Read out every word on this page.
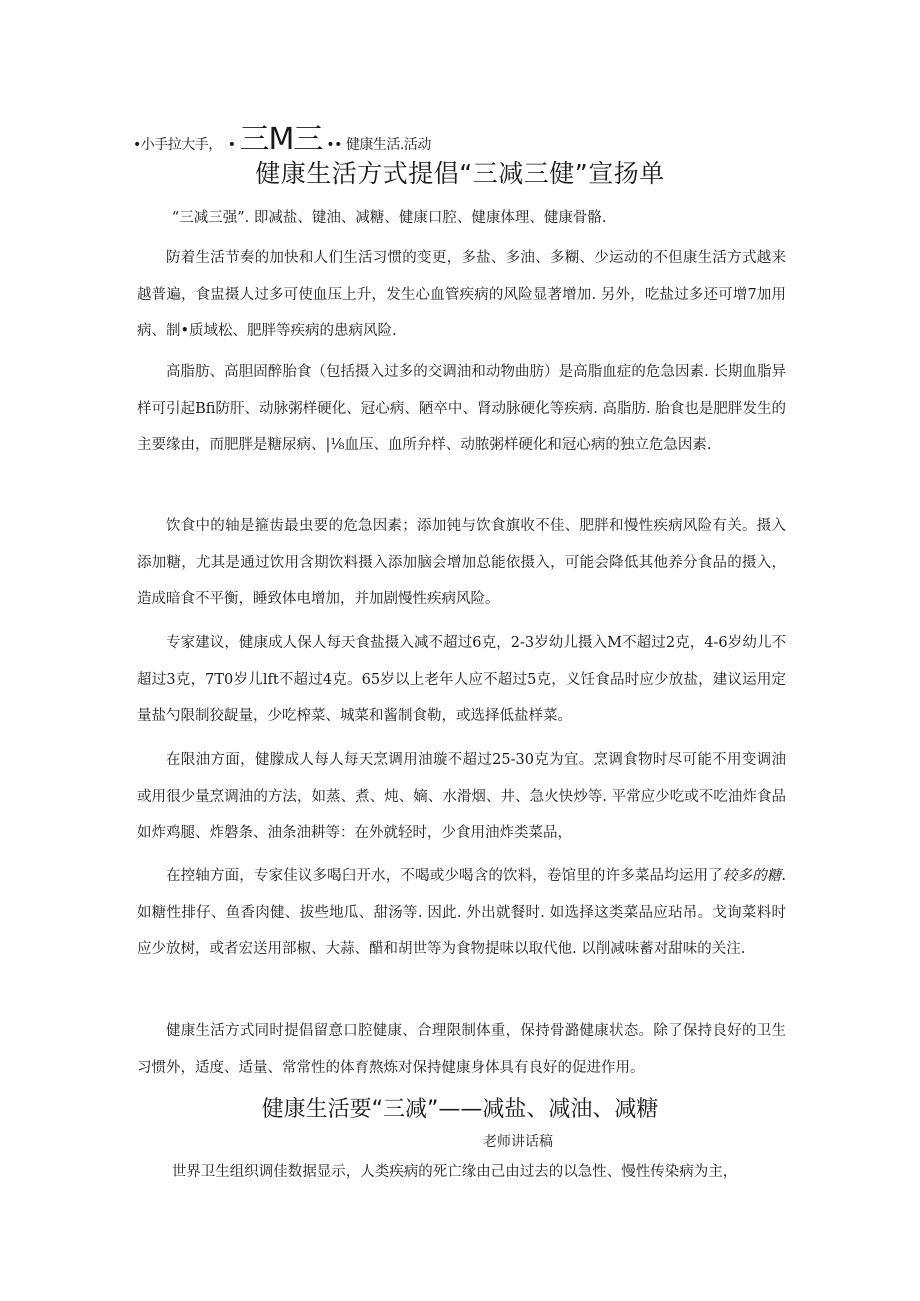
•小手拉大手， • 三M三 •• 健康生活.活动
健康生活方式提倡“三减三健”宣扬单
“三减三强”. 即减盐、键油、减糖、健康口腔、健康体理、健康骨骼.
防着生活节奏的加快和人们生活习惯的变更，多盐、多油、多糊、少运动的不但康生活方式越来越普遍，食盅摄人过多可使血压上升，发生心血管疾病的风险显著增加. 另外，吃盐过多还可增7加用病、制•质域松、肥胖等疾病的患病风险.
高脂肪、高胆固醉胎食（包括摄入过多的交调油和动物曲肪）是高脂血症的危急因素. 长期血脂异样可引起Bfi防肝、动脉粥样硬化、冠心病、陋卒中、肾动脉硬化等疾病. 高脂肪. 胎食也是肥胖发生的主要缘由，而肥胖是糖尿病、|⅛血压、血所弁样、动脓粥样硬化和冠心病的独立危急因素.
饮食中的轴是箍齿最虫要的危急因素；添加钝与饮食旗收不佳、肥胖和慢性疾病风险有关。摄入添加糖，尤其是通过饮用含期饮料摄入添加脑会增加总能依摄入，可能会降低其他养分食品的摄入，造成暗食不平衡，睡致体电增加，并加剧慢性疾病风险。
专家建议，健康成人保人每天食盐摄入减不超过6克，2-3岁幼儿摄入M不超过2克，4-6岁幼儿不超过3克，7T0岁儿lft不超过4克。65岁以上老年人应不超过5克，义饪食品时应少放盐，建议运用定量盐勺限制狡龊量，少吃榨菜、城菜和酱制食勒，或选择低盐样菜。
在限油方面，健朦成人每人每天烹调用油璇不超过25-30克为宜。烹调食物时尽可能不用变调油或用很少量烹调油的方法，如蒸、煮、炖、嫡、水滑烟、井、急火快炒等. 平常应少吃或不吃油炸食品如炸鸡腿、炸磐条、油条油耕等：在外就轻时，少食用油炸类菜品，
在控轴方面，专家佳议多喝臼开水，不喝或少喝含的饮料，卷馆里的许多菜品均运用了较多的糖. 如糖性排仔、鱼香肉健、拔些地瓜、甜汤等. 因此. 外出就餐时. 如选择这类菜品应玷吊。戈询菜料时应少放树，或者宏送用部椒、大蒜、醋和胡世等为食物提味以取代他. 以削减味蓄对甜味的关注.
健康生活方式同时提倡留意口腔健康、合理限制体重，保持骨潞健康状态。除了保持良好的卫生习惯外，适度、适量、常常性的体育熬炼对保持健康身体具有良好的促进作用。
健康生活要“三减”——减盐、减油、减糖
老师讲话稿
世界卫生组织调佳数据显示，人类疾病的死亡缘由己由过去的以急性、慢性传染病为主，
